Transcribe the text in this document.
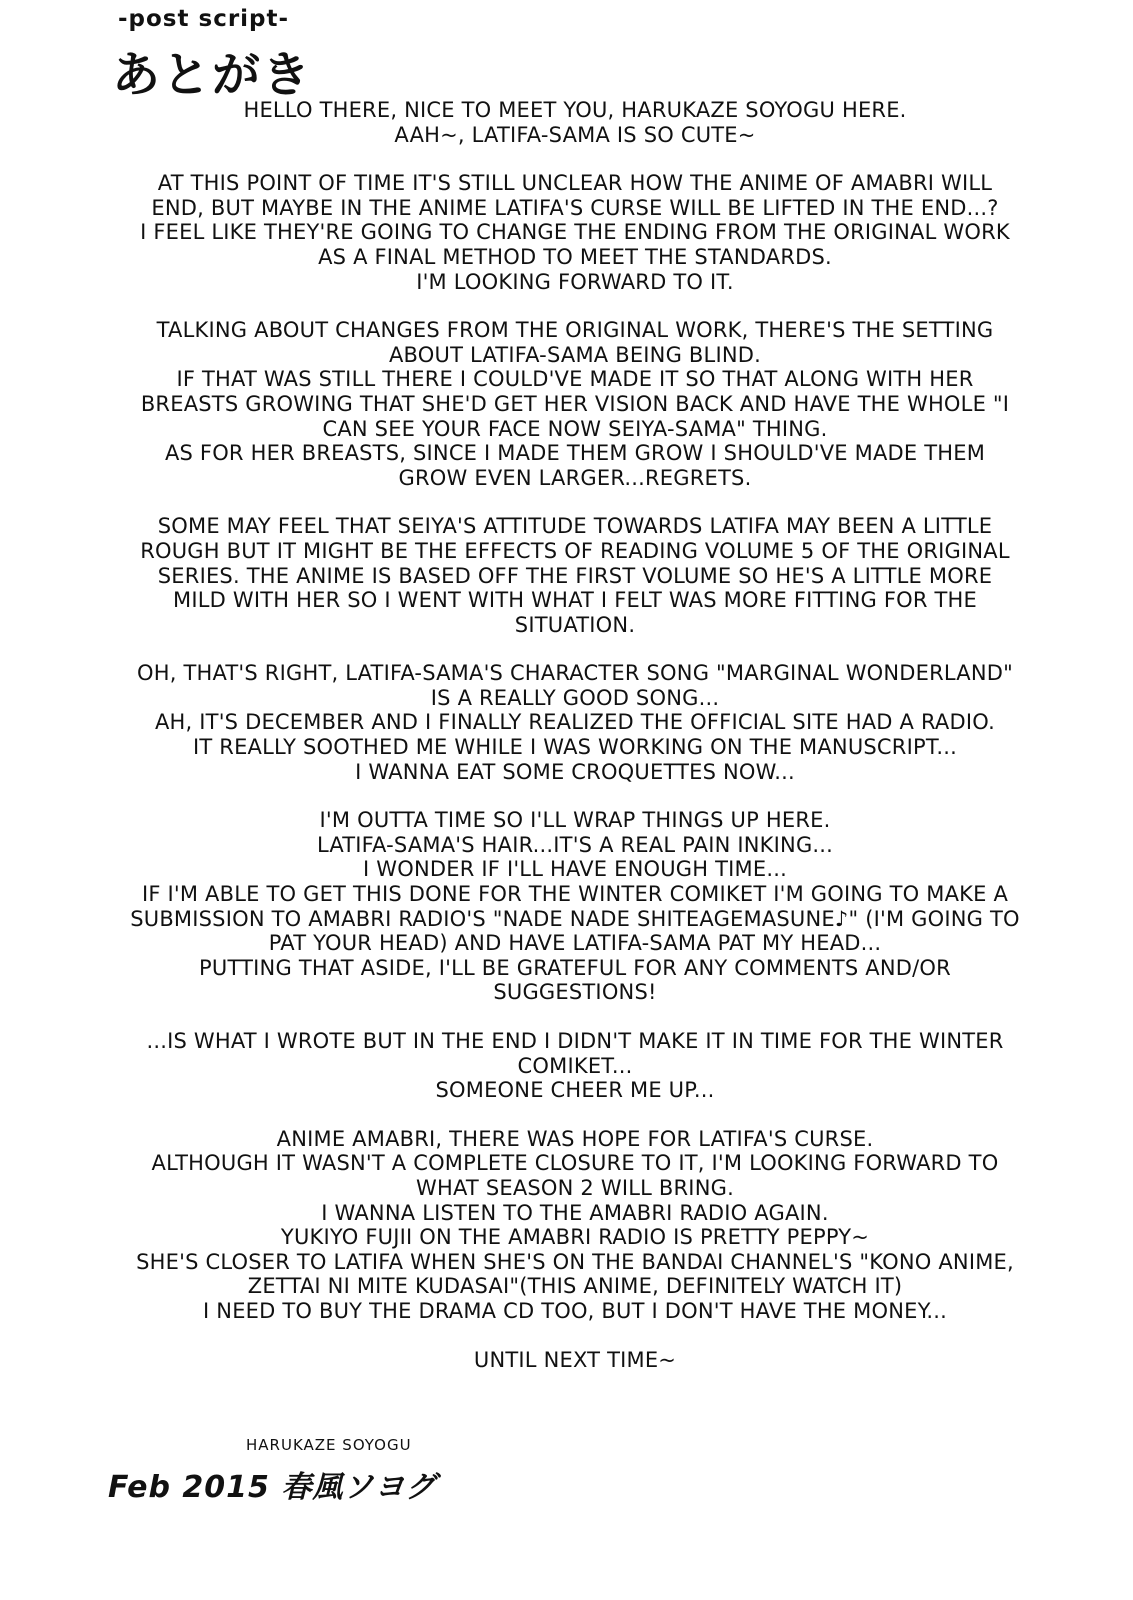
-post script-
あとがき
HELLO THERE, NICE TO MEET YOU, HARUKAZE SOYOGU HERE.
AAH~, LATIFA-SAMA IS SO CUTE~
AT THIS POINT OF TIME IT'S STILL UNCLEAR HOW THE ANIME OF AMABRI WILL
END, BUT MAYBE IN THE ANIME LATIFA'S CURSE WILL BE LIFTED IN THE END...?
I FEEL LIKE THEY'RE GOING TO CHANGE THE ENDING FROM THE ORIGINAL WORK
AS A FINAL METHOD TO MEET THE STANDARDS.
I'M LOOKING FORWARD TO IT.
TALKING ABOUT CHANGES FROM THE ORIGINAL WORK, THERE'S THE SETTING
ABOUT LATIFA-SAMA BEING BLIND.
IF THAT WAS STILL THERE I COULD'VE MADE IT SO THAT ALONG WITH HER
BREASTS GROWING THAT SHE'D GET HER VISION BACK AND HAVE THE WHOLE "I
CAN SEE YOUR FACE NOW SEIYA-SAMA" THING.
AS FOR HER BREASTS, SINCE I MADE THEM GROW I SHOULD'VE MADE THEM
GROW EVEN LARGER...REGRETS.
SOME MAY FEEL THAT SEIYA'S ATTITUDE TOWARDS LATIFA MAY BEEN A LITTLE
ROUGH BUT IT MIGHT BE THE EFFECTS OF READING VOLUME 5 OF THE ORIGINAL
SERIES. THE ANIME IS BASED OFF THE FIRST VOLUME SO HE'S A LITTLE MORE
MILD WITH HER SO I WENT WITH WHAT I FELT WAS MORE FITTING FOR THE
SITUATION.
OH, THAT'S RIGHT, LATIFA-SAMA'S CHARACTER SONG "MARGINAL WONDERLAND"
IS A REALLY GOOD SONG...
AH, IT'S DECEMBER AND I FINALLY REALIZED THE OFFICIAL SITE HAD A RADIO.
IT REALLY SOOTHED ME WHILE I WAS WORKING ON THE MANUSCRIPT...
I WANNA EAT SOME CROQUETTES NOW...
I'M OUTTA TIME SO I'LL WRAP THINGS UP HERE.
LATIFA-SAMA'S HAIR...IT'S A REAL PAIN INKING...
I WONDER IF I'LL HAVE ENOUGH TIME...
IF I'M ABLE TO GET THIS DONE FOR THE WINTER COMIKET I'M GOING TO MAKE A
SUBMISSION TO AMABRI RADIO'S "NADE NADE SHITEAGEMASUNE♪" (I'M GOING TO
PAT YOUR HEAD) AND HAVE LATIFA-SAMA PAT MY HEAD...
PUTTING THAT ASIDE, I'LL BE GRATEFUL FOR ANY COMMENTS AND/OR
SUGGESTIONS!
...IS WHAT I WROTE BUT IN THE END I DIDN'T MAKE IT IN TIME FOR THE WINTER
COMIKET...
SOMEONE CHEER ME UP...
ANIME AMABRI, THERE WAS HOPE FOR LATIFA'S CURSE.
ALTHOUGH IT WASN'T A COMPLETE CLOSURE TO IT, I'M LOOKING FORWARD TO
WHAT SEASON 2 WILL BRING.
I WANNA LISTEN TO THE AMABRI RADIO AGAIN.
YUKIYO FUJII ON THE AMABRI RADIO IS PRETTY PEPPY~
SHE'S CLOSER TO LATIFA WHEN SHE'S ON THE BANDAI CHANNEL'S "KONO ANIME,
ZETTAI NI MITE KUDASAI"(THIS ANIME, DEFINITELY WATCH IT)
I NEED TO BUY THE DRAMA CD TOO, BUT I DON'T HAVE THE MONEY...
UNTIL NEXT TIME~
HARUKAZE SOYOGU
Feb 2015 春風ソヨグ
